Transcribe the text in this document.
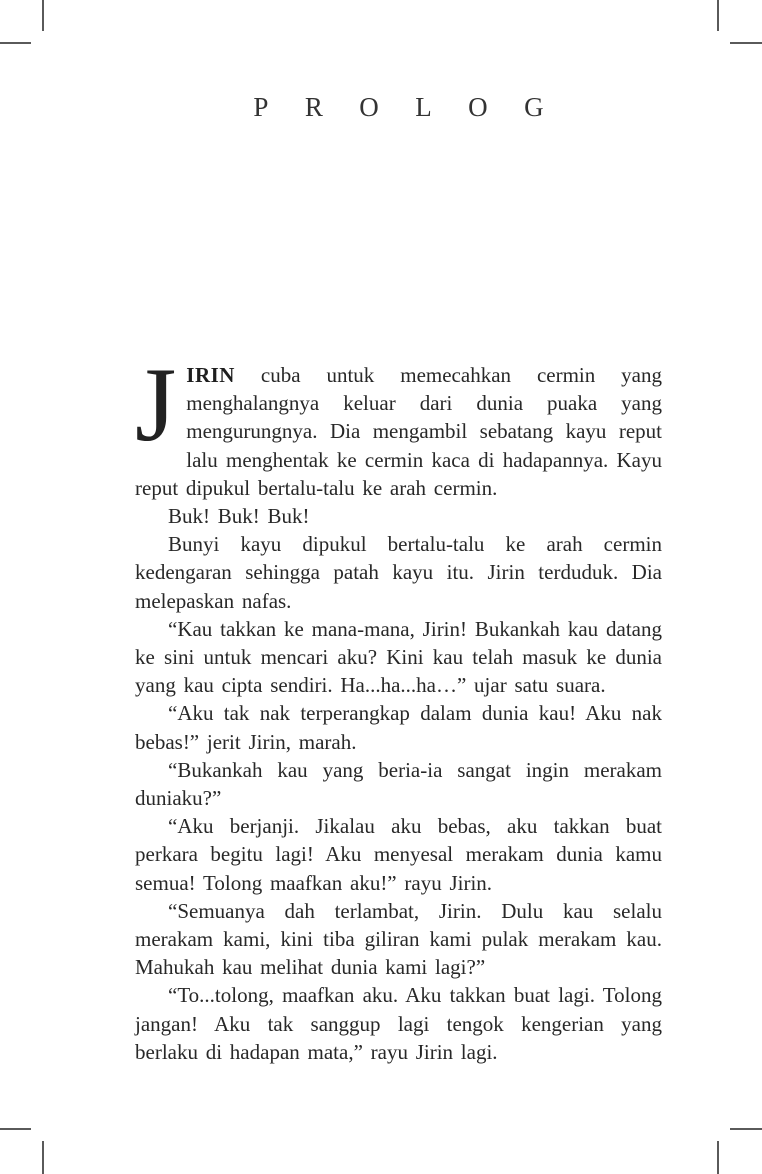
PROLOG

JIRIN cuba untuk memecahkan cermin yang menghalangnya keluar dari dunia puaka yang mengurungnya. Dia mengambil sebatang kayu reput lalu menghentak ke cermin kaca di hadapannya. Kayu reput dipukul bertalu-talu ke arah cermin.

Buk! Buk! Buk!

Bunyi kayu dipukul bertalu-talu ke arah cermin kedengaran sehingga patah kayu itu. Jirin terduduk. Dia melepaskan nafas.

“Kau takkan ke mana-mana, Jirin! Bukankah kau datang ke sini untuk mencari aku? Kini kau telah masuk ke dunia yang kau cipta sendiri. Ha...ha...ha…” ujar satu suara.

“Aku tak nak terperangkap dalam dunia kau! Aku nak bebas!” jerit Jirin, marah.

“Bukankah kau yang beria-ia sangat ingin merakam duniaku?”

“Aku berjanji. Jikalau aku bebas, aku takkan buat perkara begitu lagi! Aku menyesal merakam dunia kamu semua! Tolong maafkan aku!” rayu Jirin.

“Semuanya dah terlambat, Jirin. Dulu kau selalu merakam kami, kini tiba giliran kami pulak merakam kau. Mahukah kau melihat dunia kami lagi?”

“To...tolong, maafkan aku. Aku takkan buat lagi. Tolong jangan! Aku tak sanggup lagi tengok kengerian yang berlaku di hadapan mata,” rayu Jirin lagi.
